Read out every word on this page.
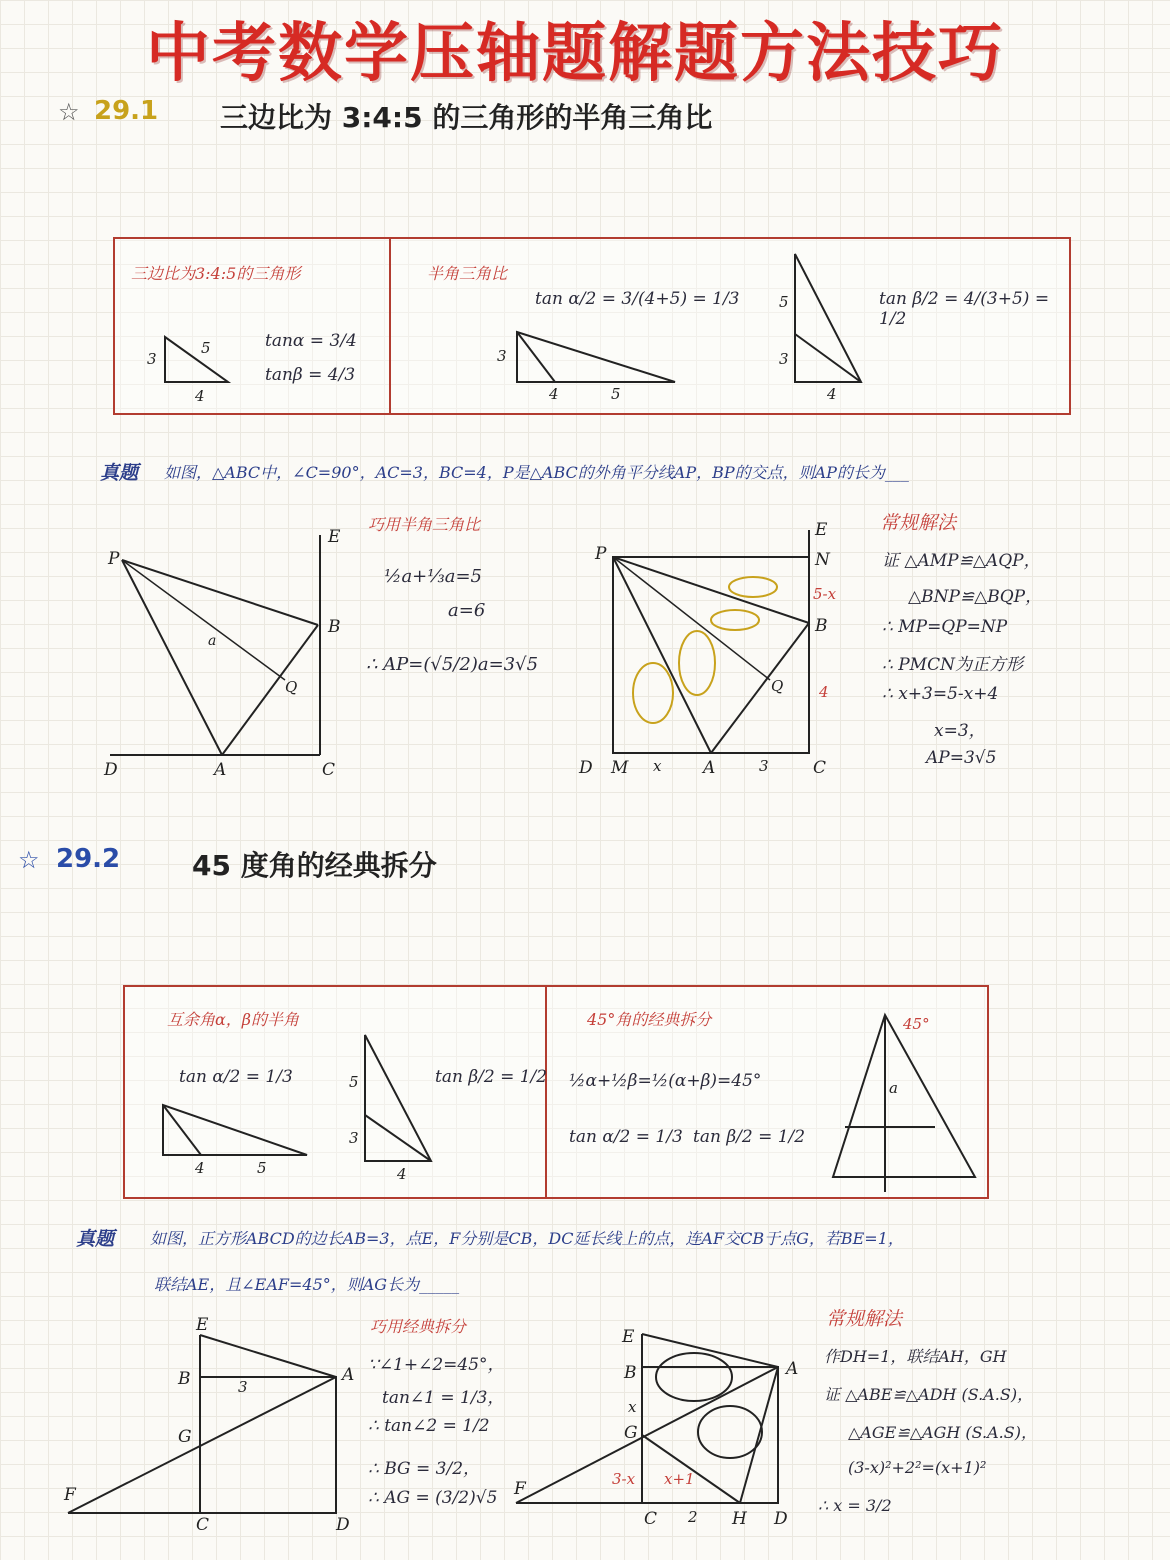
中考数学压轴题解题方法技巧
☆ 29.1 三边比为 3:4:5 的三角形的半角三角比
三边比为3:4:5的三角形	半角三角比
tanα = 3/4
tanβ = 4/3
tan α/2 = 3/(4+5) = 1/3	tan β/2 = 4/(3+5) = 1/2
3
5
4
3
4	5
5
3
4
真题 如图，△ABC中，∠C=90°，AC=3，BC=4，P是△ABC的外角平分线AP，BP的交点，则AP的长为___
P
E
B
Q
D	A	C
a
巧用半角三角比
½a+⅓a=5
a=6
∴ AP=(√5/2)a=3√5
P
E
N
5-x
B
Q 4
D M x A	3	C
常规解法
证 △AMP≌△AQP，
△BNP≌△BQP，
∴ MP=QP=NP
∴ PMCN为正方形
∴ x+3=5-x+4
x=3，
AP=3√5
☆ 29.2	45 度角的经典拆分
互余角α，β的半角	45°角的经典拆分
tan α/2 = 1/3	tan β/2 = 1/2 ½α+½β=½(α+β)=45°
tan α/2 = 1/3 tan β/2 = 1/2
4	5
5
3
4
45°
a
真题 如图，正方形ABCD的边长AB=3，点E，F分别是CB，DC延长线上的点，连AF交CB于点G，若BE=1，
联结AE，且∠EAF=45°，则AG长为_____
E
B
G
A
3
F
C	D
巧用经典拆分
∵∠1+∠2=45°，
tan∠1 = 1/3，
∴ tan∠2 = 1/2
∴ BG = 3/2，
∴ AG = (3/2)√5
E
B
x
G
A
3-x x+1
F
C 2 H D
常规解法
作DH=1，联结AH，GH
证 △ABE≌△ADH (S.A.S)，
△AGE≌△AGH (S.A.S)，
(3-x)²+2²=(x+1)²
∴ x = 3/2
